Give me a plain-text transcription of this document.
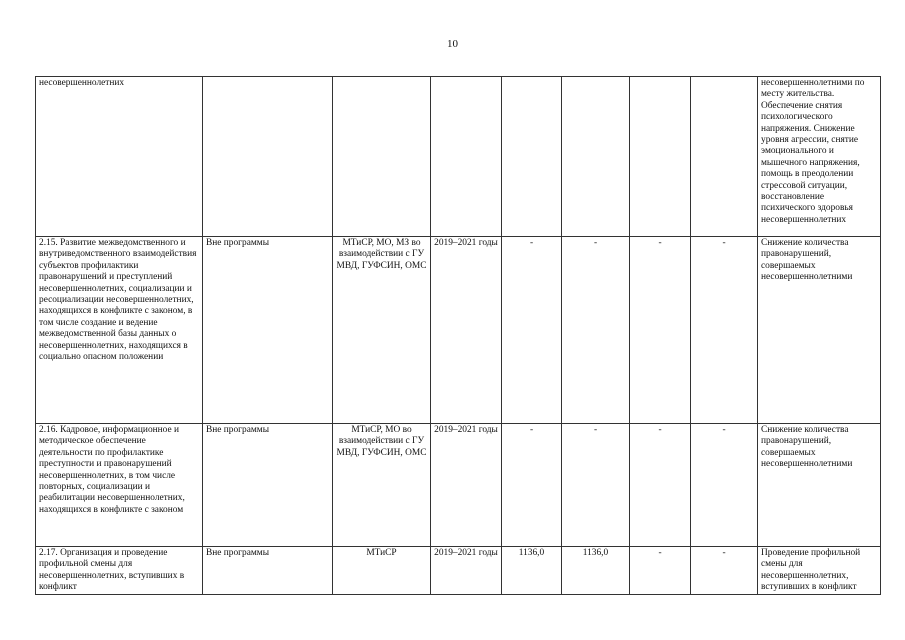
10
несовершеннолетних								несовершеннолетними по месту жительства. Обеспечение снятия психологического напряжения. Снижение уровня агрессии, снятие эмоционального и мышечного напряжения, помощь в преодолении стрессовой ситуации, восстановление психического здоровья несовершеннолетних
2.15. Развитие межведомственного и внутриведомственного взаимодействия субъектов профилактики правонарушений и преступлений несовершеннолетних, социализации и ресоциализации несовершеннолетних, находящихся в конфликте с законом, в том числе создание и ведение межведомственной базы данных о несовершеннолетних, находящихся в социально опасном положении	Вне программы	МТиСР, МО, МЗ во взаимодействии с ГУ МВД, ГУФСИН, ОМС	2019–2021 годы	-	-	-	-	Снижение количества правонарушений, совершаемых несовершеннолетними
2.16. Кадровое, информационное и методическое обеспечение деятельности по профилактике преступности и правонарушений несовершеннолетних, в том числе повторных, социализации и реабилитации несовершеннолетних, находящихся в конфликте с законом	Вне программы	МТиСР, МО во взаимодействии с ГУ МВД, ГУФСИН, ОМС	2019–2021 годы	-	-	-	-	Снижение количества правонарушений, совершаемых несовершеннолетними
2.17. Организация и проведение профильной смены для несовершеннолетних, вступивших в конфликт	Вне программы	МТиСР	2019–2021 годы	1136,0	1136,0	-	-	Проведение профильной смены для несовершеннолетних, вступивших в конфликт
